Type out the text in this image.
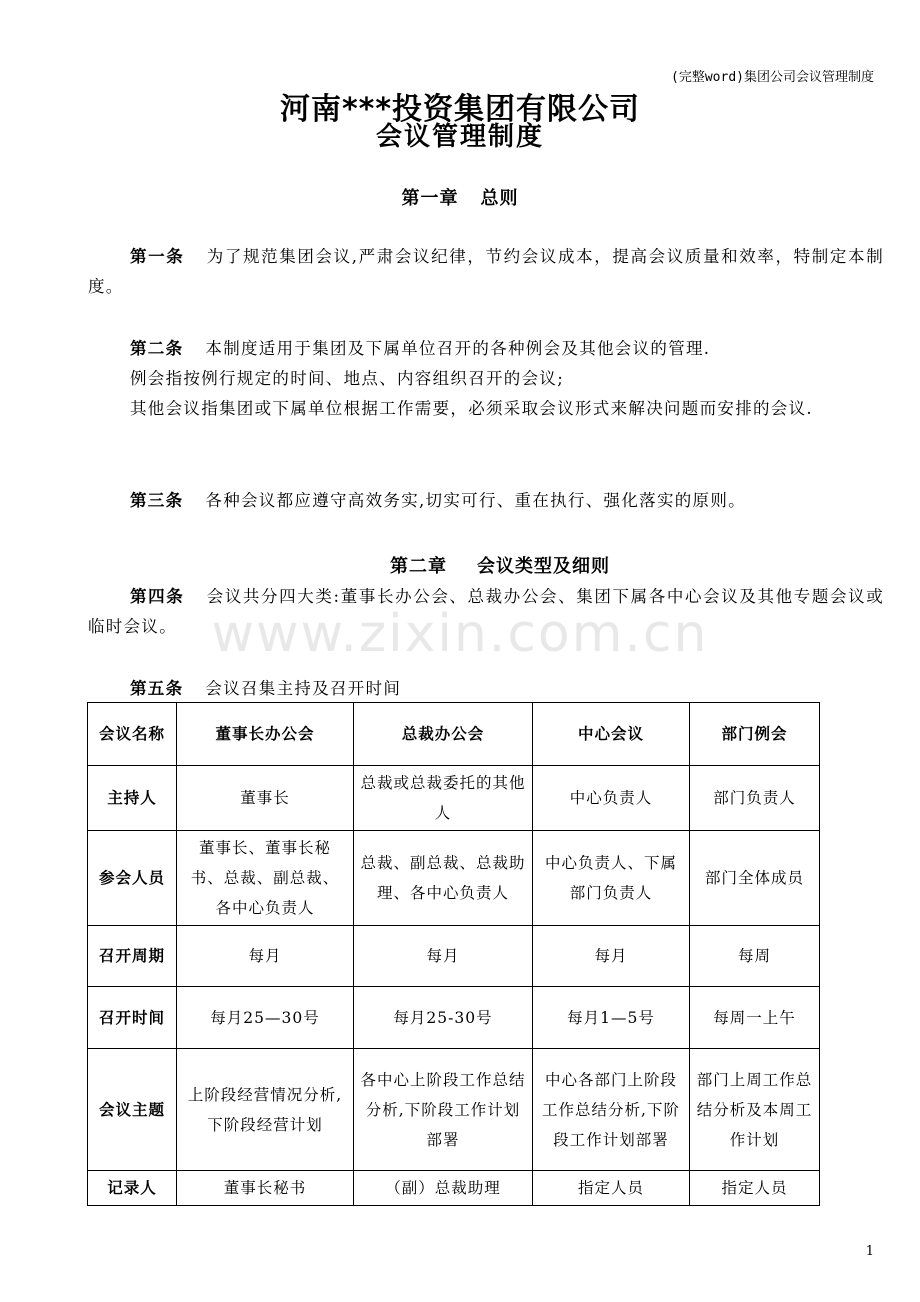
(完整word)集团公司会议管理制度
河南***投资集团有限公司
会议管理制度
第一章 总则
第一条 为了规范集团会议,严肃会议纪律，节约会议成本，提高会议质量和效率，特制定本制度。
第二条 本制度适用于集团及下属单位召开的各种例会及其他会议的管理.
例会指按例行规定的时间、地点、内容组织召开的会议;
其他会议指集团或下属单位根据工作需要，必须采取会议形式来解决问题而安排的会议.
第三条 各种会议都应遵守高效务实,切实可行、重在执行、强化落实的原则。
第二章 会议类型及细则
第四条 会议共分四大类:董事长办公会、总裁办公会、集团下属各中心会议及其他专题会议或临时会议。 www.zixin.com.cn
第五条 会议召集主持及召开时间
会议名称	董事长办公会	总裁办公会	中心会议	部门例会
主持人	董事长	总裁或总裁委托的其他人	中心负责人	部门负责人
参会人员	董事长、董事长秘书、总裁、副总裁、各中心负责人	总裁、副总裁、总裁助理、各中心负责人	中心负责人、下属部门负责人	部门全体成员
召开周期	每月	每月	每月	每周
召开时间	每月25—30号	每月25-30号	每月1—5号	每周一上午
会议主题	上阶段经营情况分析,下阶段经营计划	各中心上阶段工作总结分析,下阶段工作计划部署	中心各部门上阶段工作总结分析,下阶段工作计划部署	部门上周工作总结分析及本周工作计划
记录人	董事长秘书	（副）总裁助理	指定人员	指定人员
1
